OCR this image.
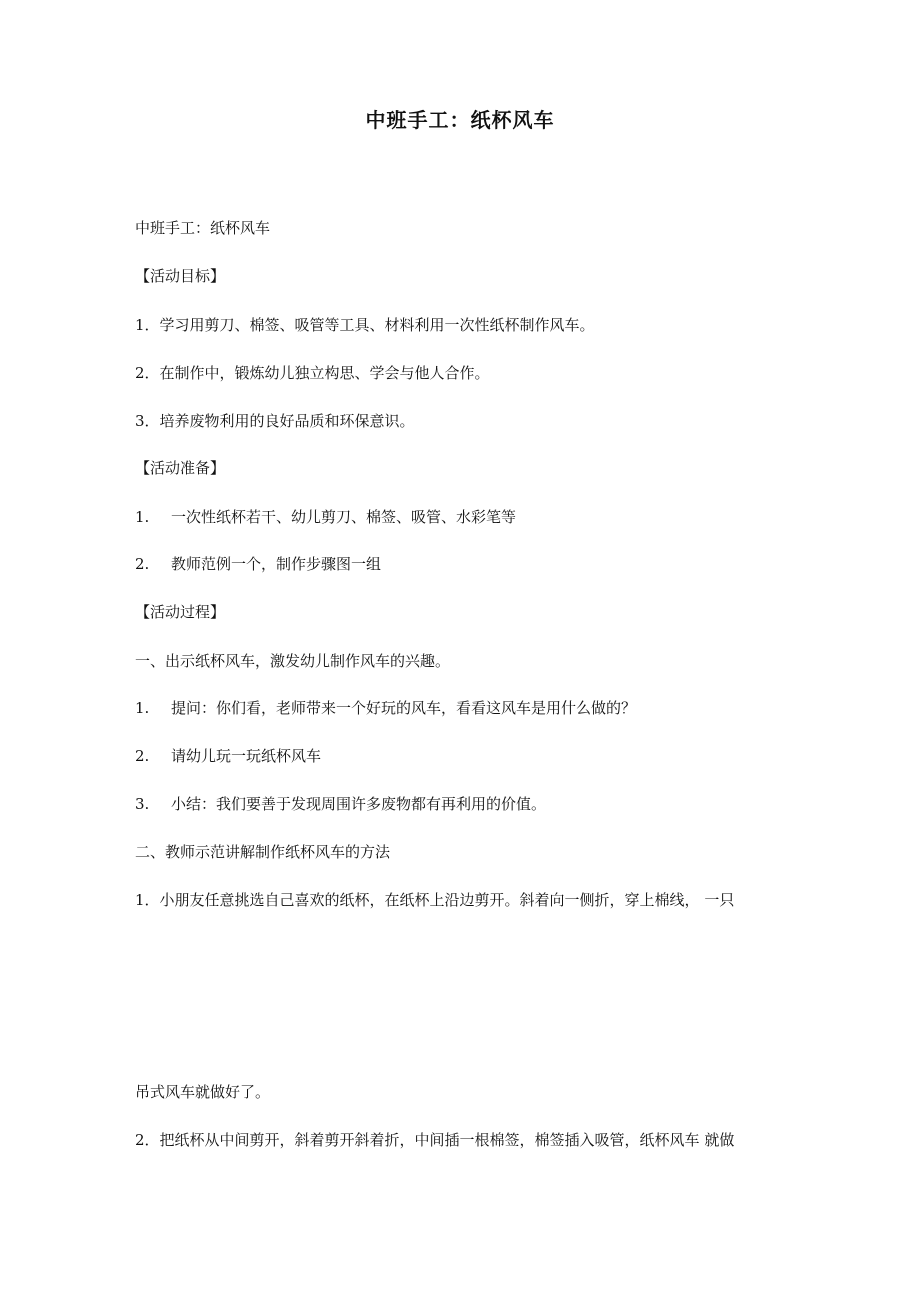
中班手工：纸杯风车
中班手工：纸杯风车
【活动目标】
1．学习用剪刀、棉签、吸管等工具、材料利用一次性纸杯制作风车。
2．在制作中，锻炼幼儿独立构思、学会与他人合作。
3．培养废物利用的良好品质和环保意识。
【活动准备】
1. 一次性纸杯若干、幼儿剪刀、棉签、吸管、水彩笔等
2. 教师范例一个，制作步骤图一组
【活动过程】
一、出示纸杯风车，激发幼儿制作风车的兴趣。
1. 提问：你们看，老师带来一个好玩的风车，看看这风车是用什么做的？
2. 请幼儿玩一玩纸杯风车
3. 小结：我们要善于发现周围许多废物都有再利用的价值。
二、教师示范讲解制作纸杯风车的方法
1．小朋友任意挑选自己喜欢的纸杯，在纸杯上沿边剪开。斜着向一侧折，穿上棉线， 一只
吊式风车就做好了。
2．把纸杯从中间剪开，斜着剪开斜着折，中间插一根棉签，棉签插入吸管，纸杯风车 就做
